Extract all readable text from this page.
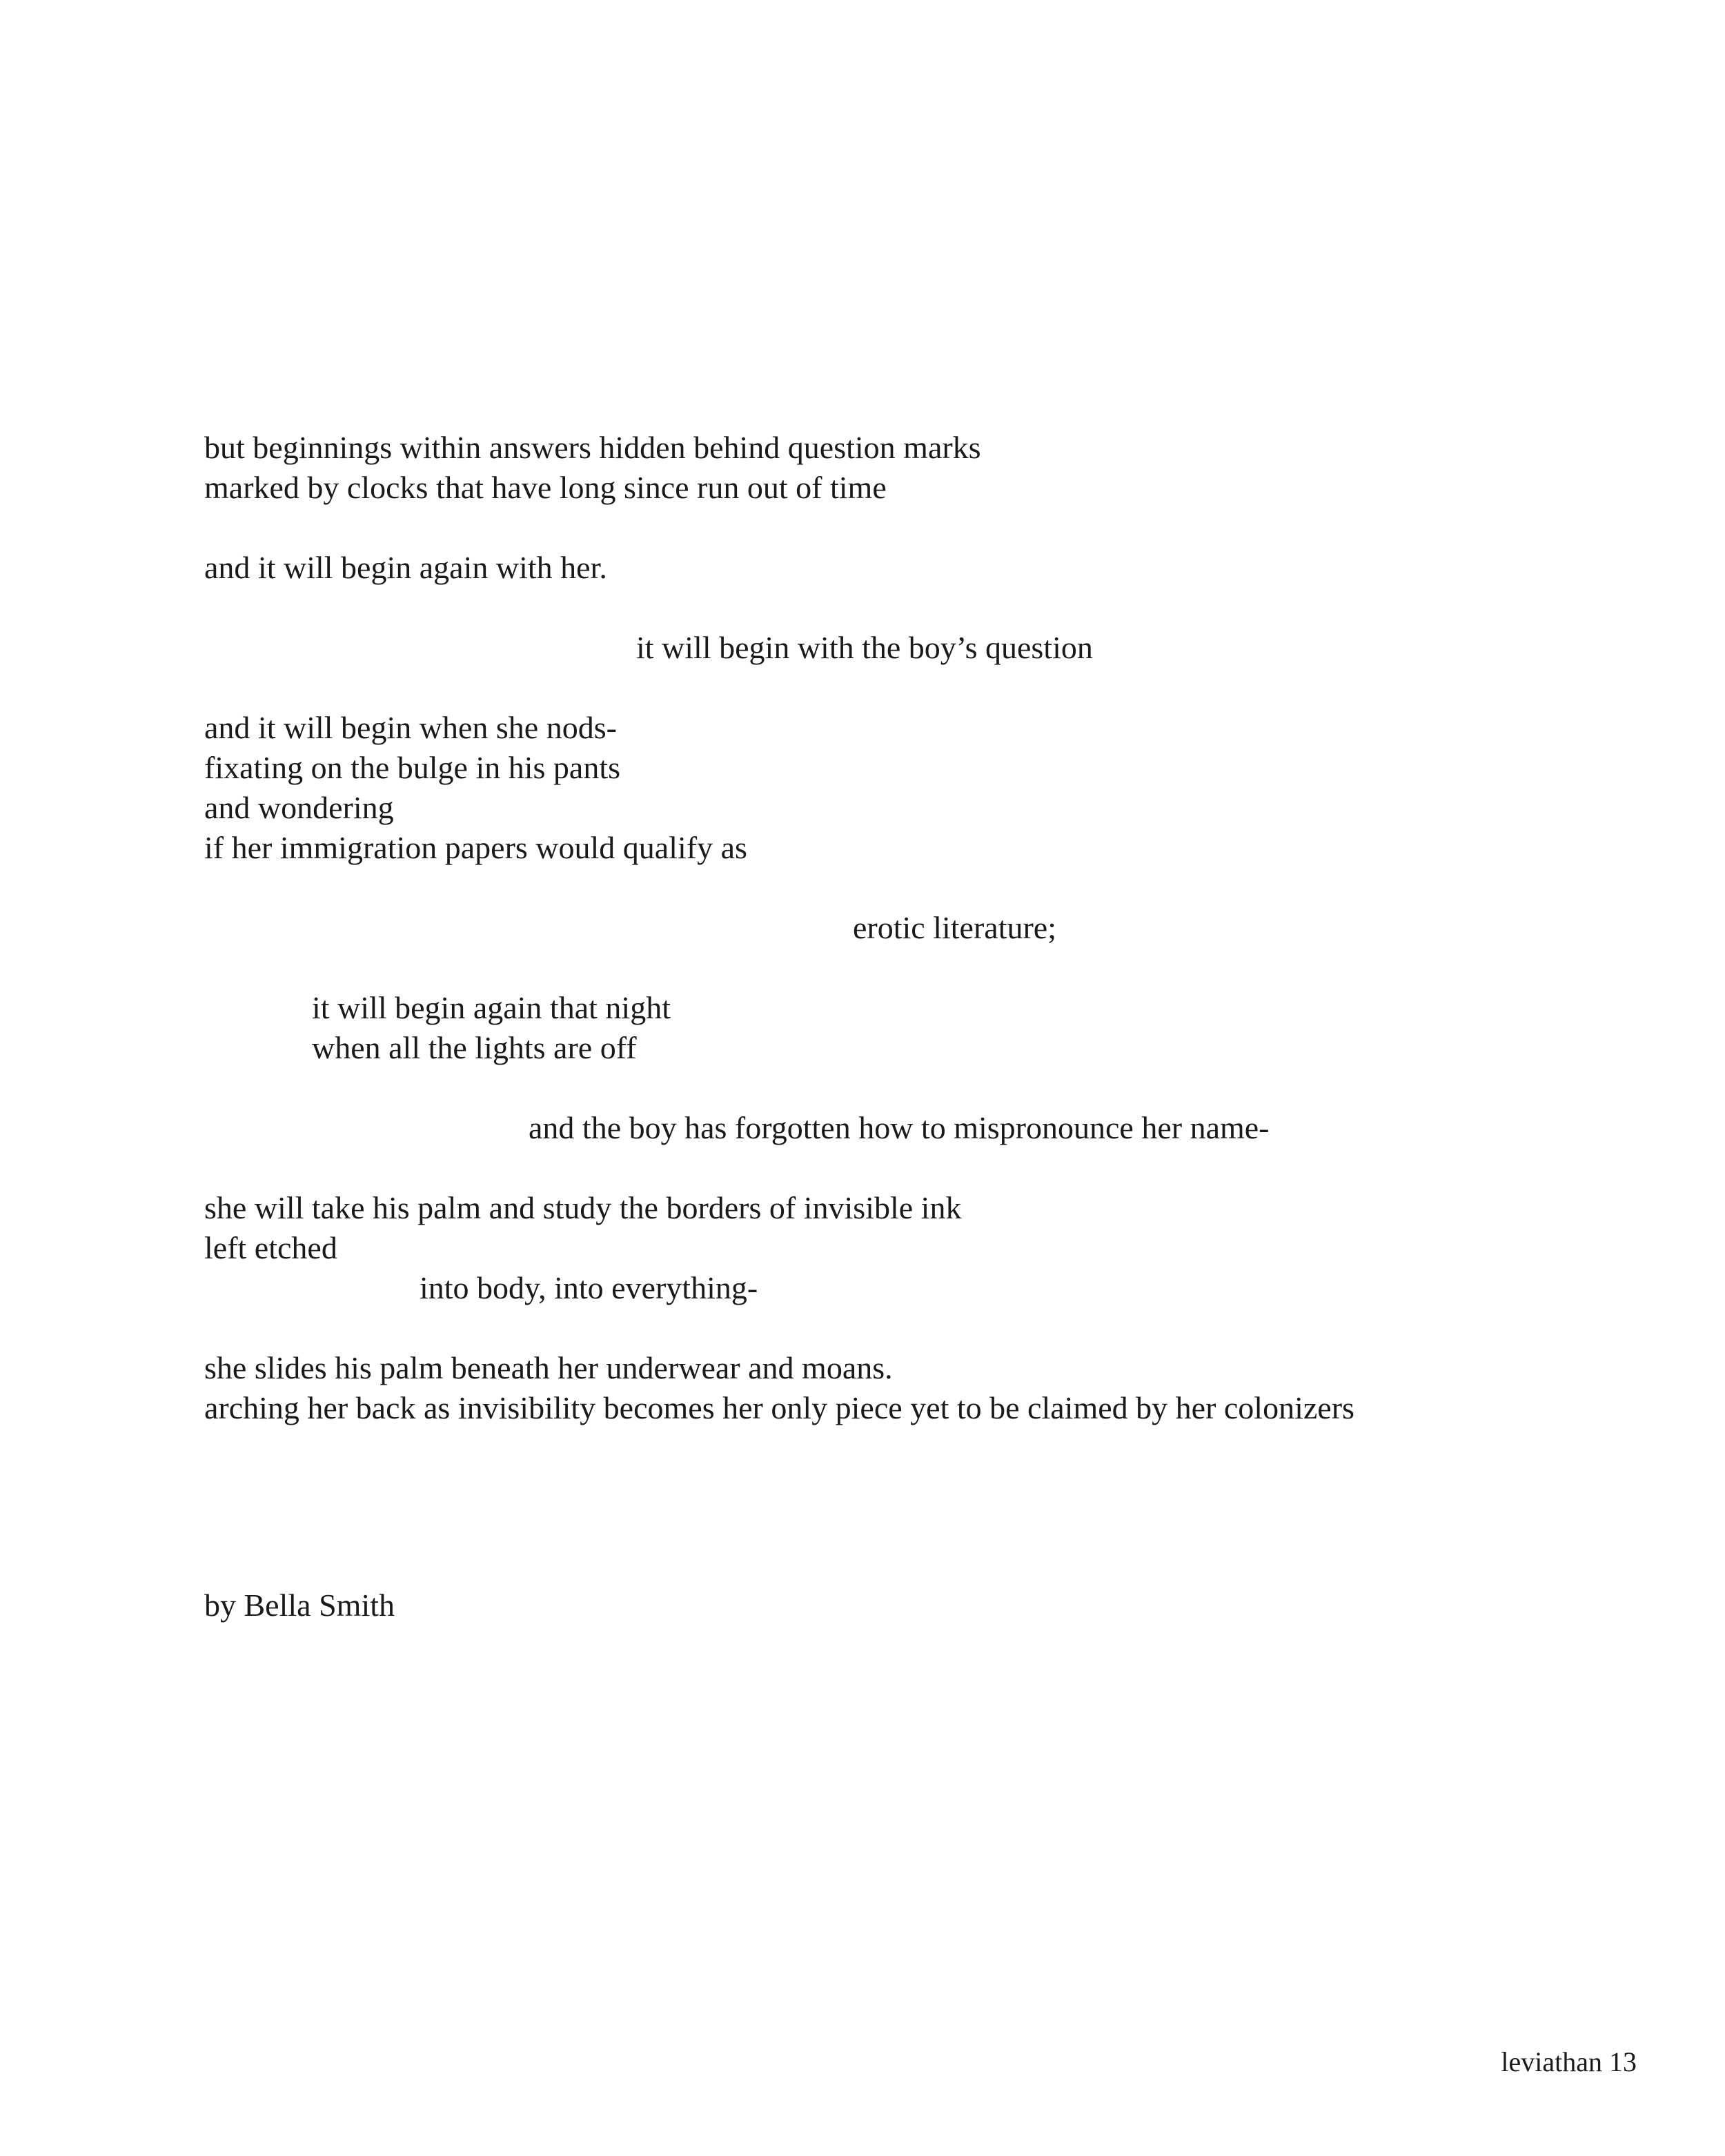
but beginnings within answers hidden behind question marks
marked by clocks that have long since run out of time
and it will begin again with her.
it will begin with the boy’s question
and it will begin when she nods-
fixating on the bulge in his pants
and wondering
if her immigration papers would qualify as
erotic literature;
it will begin again that night
when all the lights are off
and the boy has forgotten how to mispronounce her name-
she will take his palm and study the borders of invisible ink
left etched
into body, into everything-
she slides his palm beneath her underwear and moans.
arching her back as invisibility becomes her only piece yet to be claimed by her colonizers
by Bella Smith
leviathan 13
